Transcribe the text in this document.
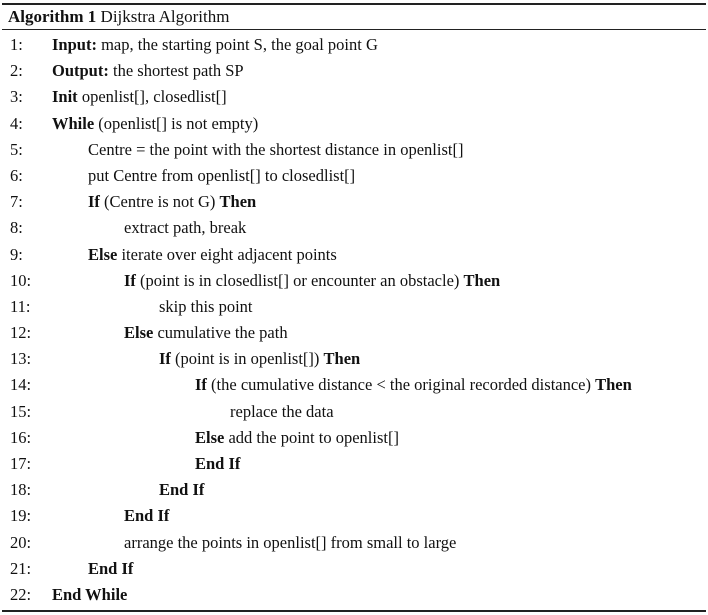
Algorithm 1 Dijkstra Algorithm
1: Input: map, the starting point S, the goal point G
2: Output: the shortest path SP
3: Init openlist[], closedlist[]
4: While (openlist[] is not empty)
5:	Centre = the point with the shortest distance in openlist[]
6:	put Centre from openlist[] to closedlist[]
7:	If (Centre is not G) Then
8:	extract path, break
9:	Else iterate over eight adjacent points
10:	If (point is in closedlist[] or encounter an obstacle) Then
11:	skip this point
12:	Else cumulative the path
13:	If (point is in openlist[]) Then
14:	If (the cumulative distance < the original recorded distance) Then
15:	replace the data
16:	Else add the point to openlist[]
17:	End If
18:	End If
19:	End If
20:	arrange the points in openlist[] from small to large
21:	End If
22: End While
